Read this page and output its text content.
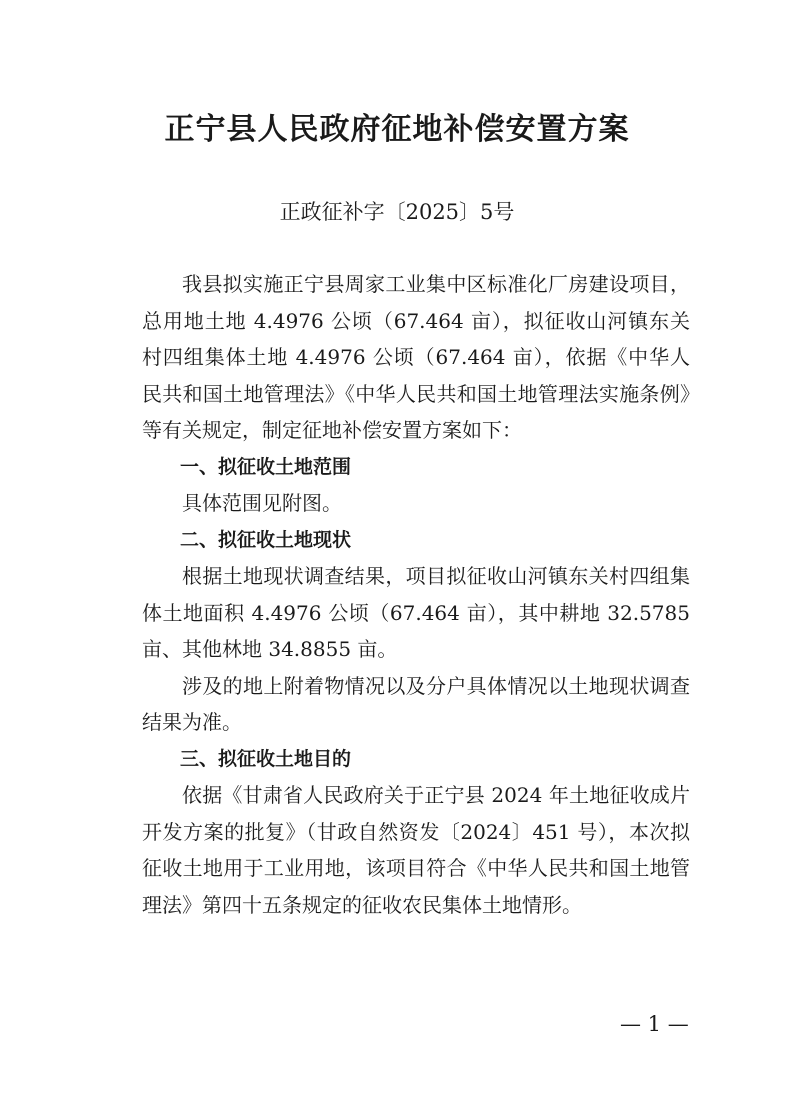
正宁县人民政府征地补偿安置方案
正政征补字〔2025〕5号

我县拟实施正宁县周家工业集中区标准化厂房建设项目，总用地土地 4.4976 公顷（67.464 亩），拟征收山河镇东关村四组集体土地 4.4976 公顷（67.464 亩），依据《中华人民共和国土地管理法》《中华人民共和国土地管理法实施条例》等有关规定，制定征地补偿安置方案如下：

一、拟征收土地范围

具体范围见附图。

二、拟征收土地现状

根据土地现状调查结果，项目拟征收山河镇东关村四组集体土地面积 4.4976 公顷（67.464 亩），其中耕地 32.5785 亩、其他林地 34.8855 亩。

涉及的地上附着物情况以及分户具体情况以土地现状调查结果为准。

三、拟征收土地目的

依据《甘肃省人民政府关于正宁县 2024 年土地征收成片开发方案的批复》（甘政自然资发〔2024〕451 号），本次拟征收土地用于工业用地，该项目符合《中华人民共和国土地管理法》第四十五条规定的征收农民集体土地情形。

— 1 —
